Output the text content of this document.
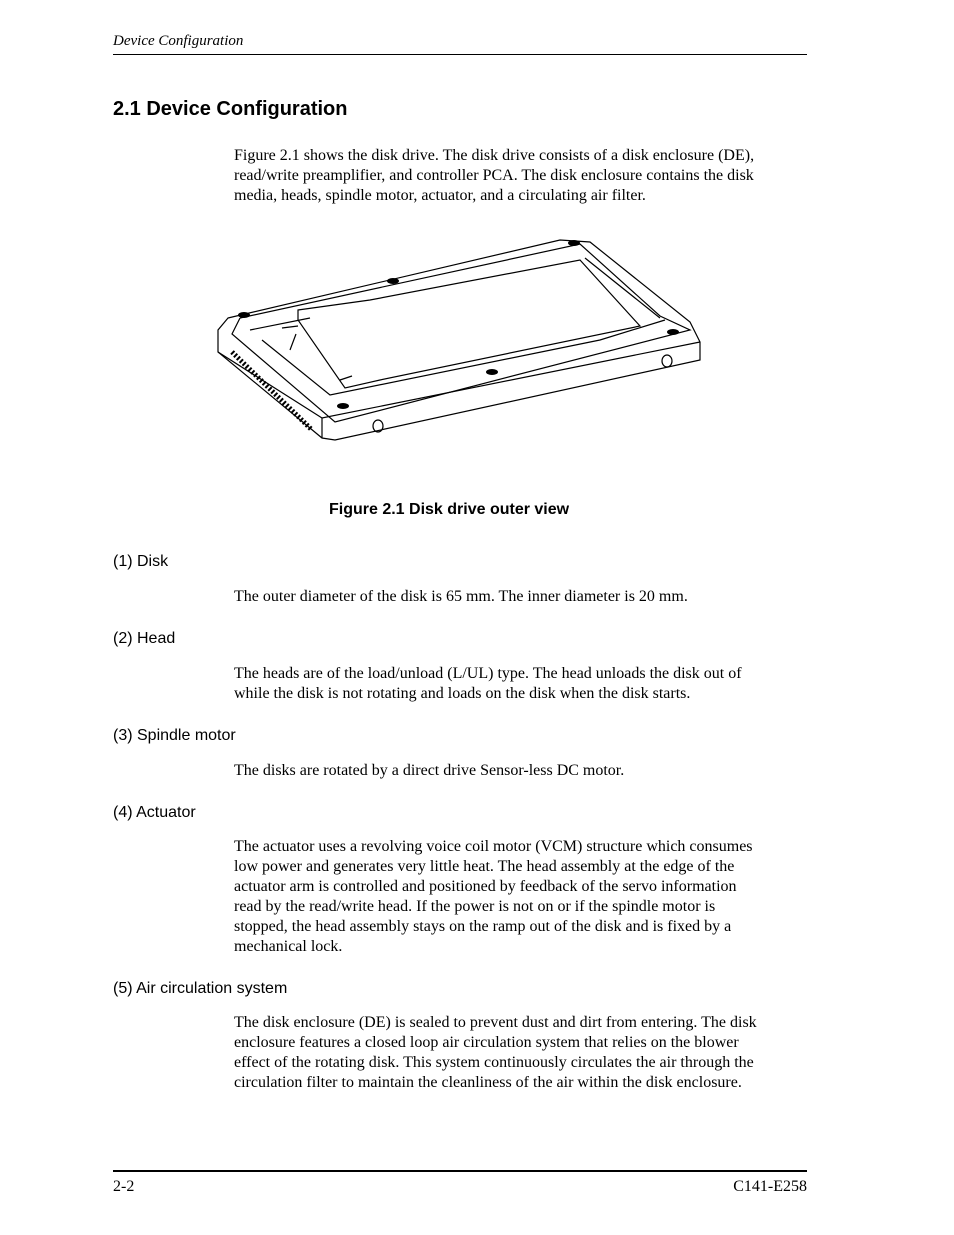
Device Configuration
2.1 Device Configuration
Figure 2.1 shows the disk drive. The disk drive consists of a disk enclosure (DE),
read/write preamplifier, and controller PCA. The disk enclosure contains the disk
media, heads, spindle motor, actuator, and a circulating air filter.
Figure 2.1 Disk drive outer view
(1) Disk
The outer diameter of the disk is 65 mm. The inner diameter is 20 mm.
(2) Head
The heads are of the load/unload (L/UL) type. The head unloads the disk out of
while the disk is not rotating and loads on the disk when the disk starts.
(3) Spindle motor
The disks are rotated by a direct drive Sensor-less DC motor.
(4) Actuator
The actuator uses a revolving voice coil motor (VCM) structure which consumes
low power and generates very little heat. The head assembly at the edge of the
actuator arm is controlled and positioned by feedback of the servo information
read by the read/write head. If the power is not on or if the spindle motor is
stopped, the head assembly stays on the ramp out of the disk and is fixed by a
mechanical lock.
(5) Air circulation system
The disk enclosure (DE) is sealed to prevent dust and dirt from entering. The disk
enclosure features a closed loop air circulation system that relies on the blower
effect of the rotating disk. This system continuously circulates the air through the
circulation filter to maintain the cleanliness of the air within the disk enclosure.
2-2	C141-E258
